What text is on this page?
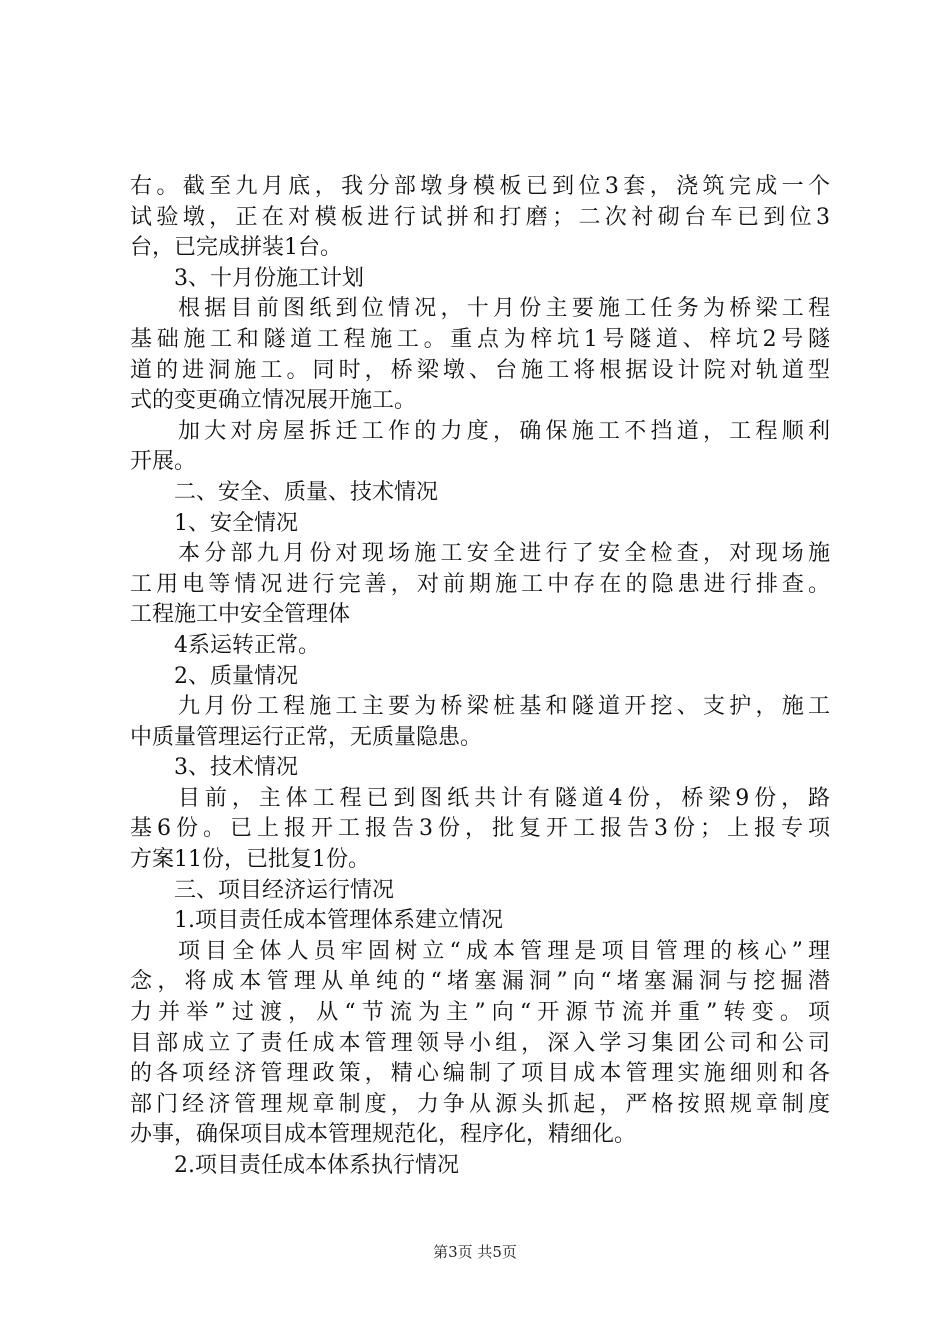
右。截至九月底，我分部墩身模板已到位3套，浇筑完成一个
试验墩，正在对模板进行试拼和打磨；二次衬砌台车已到位3
台，已完成拼装1台。
3、十月份施工计划
根据目前图纸到位情况，十月份主要施工任务为桥梁工程
基础施工和隧道工程施工。重点为梓坑1号隧道、梓坑2号隧
道的进洞施工。同时，桥梁墩、台施工将根据设计院对轨道型
式的变更确立情况展开施工。
加大对房屋拆迁工作的力度，确保施工不挡道，工程顺利
开展。
二、安全、质量、技术情况
1、安全情况
本分部九月份对现场施工安全进行了安全检查，对现场施
工用电等情况进行完善，对前期施工中存在的隐患进行排查。
工程施工中安全管理体
4系运转正常。
2、质量情况
九月份工程施工主要为桥梁桩基和隧道开挖、支护，施工
中质量管理运行正常，无质量隐患。
3、技术情况
目前，主体工程已到图纸共计有隧道4份，桥梁9份，路
基6份。已上报开工报告3份，批复开工报告3份；上报专项
方案11份，已批复1份。
三、项目经济运行情况
1.项目责任成本管理体系建立情况
项目全体人员牢固树立“成本管理是项目管理的核心”理
念，将成本管理从单纯的“堵塞漏洞”向“堵塞漏洞与挖掘潜
力并举”过渡，从“节流为主”向“开源节流并重”转变。项
目部成立了责任成本管理领导小组，深入学习集团公司和公司
的各项经济管理政策，精心编制了项目成本管理实施细则和各
部门经济管理规章制度，力争从源头抓起，严格按照规章制度
办事，确保项目成本管理规范化，程序化，精细化。
2.项目责任成本体系执行情况
第3页 共5页
